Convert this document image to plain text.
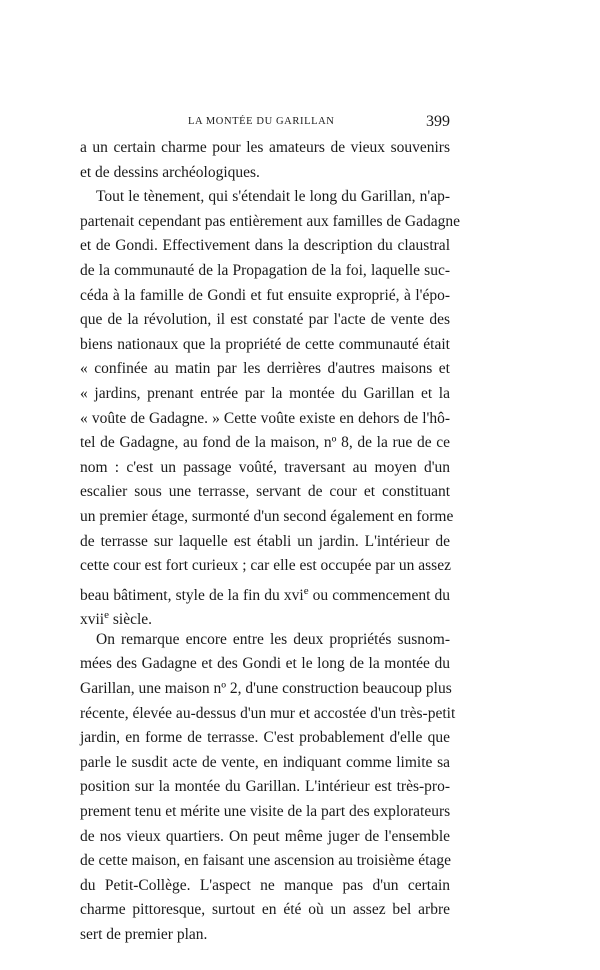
LA MONTÉE DU GARILLAN	399
a un certain charme pour les amateurs de vieux souvenirs
et de dessins archéologiques.
Tout le tènement, qui s'étendait le long du Garillan, n'ap-
partenait cependant pas entièrement aux familles de Gadagne
et de Gondi. Effectivement dans la description du claustral
de la communauté de la Propagation de la foi, laquelle suc-
céda à la famille de Gondi et fut ensuite exproprié, à l'épo-
que de la révolution, il est constaté par l'acte de vente des
biens nationaux que la propriété de cette communauté était
« confinée au matin par les derrières d'autres maisons et
« jardins, prenant entrée par la montée du Garillan et la
« voûte de Gadagne. » Cette voûte existe en dehors de l'hô-
tel de Gadagne, au fond de la maison, nº 8, de la rue de ce
nom : c'est un passage voûté, traversant au moyen d'un
escalier sous une terrasse, servant de cour et constituant
un premier étage, surmonté d'un second également en forme
de terrasse sur laquelle est établi un jardin. L'intérieur de
cette cour est fort curieux ; car elle est occupée par un assez
beau bâtiment, style de la fin du xvi$^e$ ou commencement du
xvii$^e$ siècle.
On remarque encore entre les deux propriétés susnom-
mées des Gadagne et des Gondi et le long de la montée du
Garillan, une maison nº 2, d'une construction beaucoup plus
récente, élevée au-dessus d'un mur et accostée d'un très-petit
jardin, en forme de terrasse. C'est probablement d'elle que
parle le susdit acte de vente, en indiquant comme limite sa
position sur la montée du Garillan. L'intérieur est très-pro-
prement tenu et mérite une visite de la part des explorateurs
de nos vieux quartiers. On peut même juger de l'ensemble
de cette maison, en faisant une ascension au troisième étage
du Petit-Collège. L'aspect ne manque pas d'un certain
charme pittoresque, surtout en été où un assez bel arbre
sert de premier plan.
